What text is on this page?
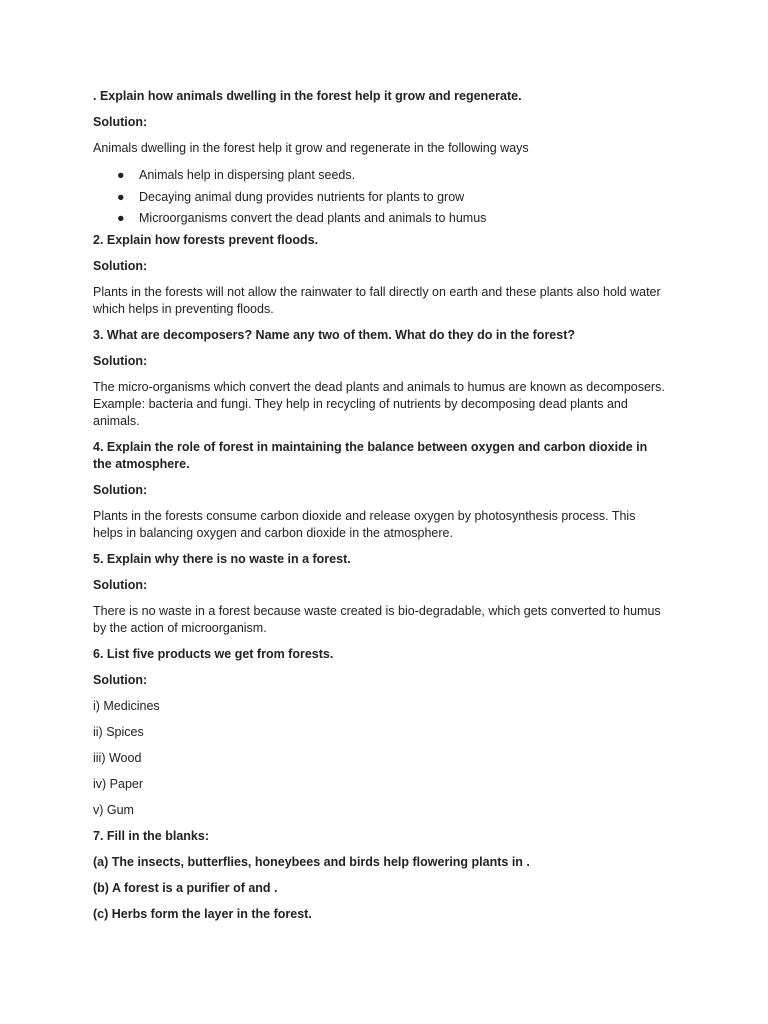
. Explain how animals dwelling in the forest help it grow and regenerate.
Solution:
Animals dwelling in the forest help it grow and regenerate in the following ways
● Animals help in dispersing plant seeds.
● Decaying animal dung provides nutrients for plants to grow
● Microorganisms convert the dead plants and animals to humus
2. Explain how forests prevent floods.
Solution:
Plants in the forests will not allow the rainwater to fall directly on earth and these plants also hold water which helps in preventing floods.
3. What are decomposers? Name any two of them. What do they do in the forest?
Solution:
The micro-organisms which convert the dead plants and animals to humus are known as decomposers. Example: bacteria and fungi. They help in recycling of nutrients by decomposing dead plants and animals.
4. Explain the role of forest in maintaining the balance between oxygen and carbon dioxide in the atmosphere.
Solution:
Plants in the forests consume carbon dioxide and release oxygen by photosynthesis process. This helps in balancing oxygen and carbon dioxide in the atmosphere.
5. Explain why there is no waste in a forest.
Solution:
There is no waste in a forest because waste created is bio-degradable, which gets converted to humus by the action of microorganism.
6. List five products we get from forests.
Solution:
i) Medicines
ii) Spices
iii) Wood
iv) Paper
v) Gum
7. Fill in the blanks:
(a) The insects, butterflies, honeybees and birds help flowering plants in .
(b) A forest is a purifier of and .
(c) Herbs form the layer in the forest.
